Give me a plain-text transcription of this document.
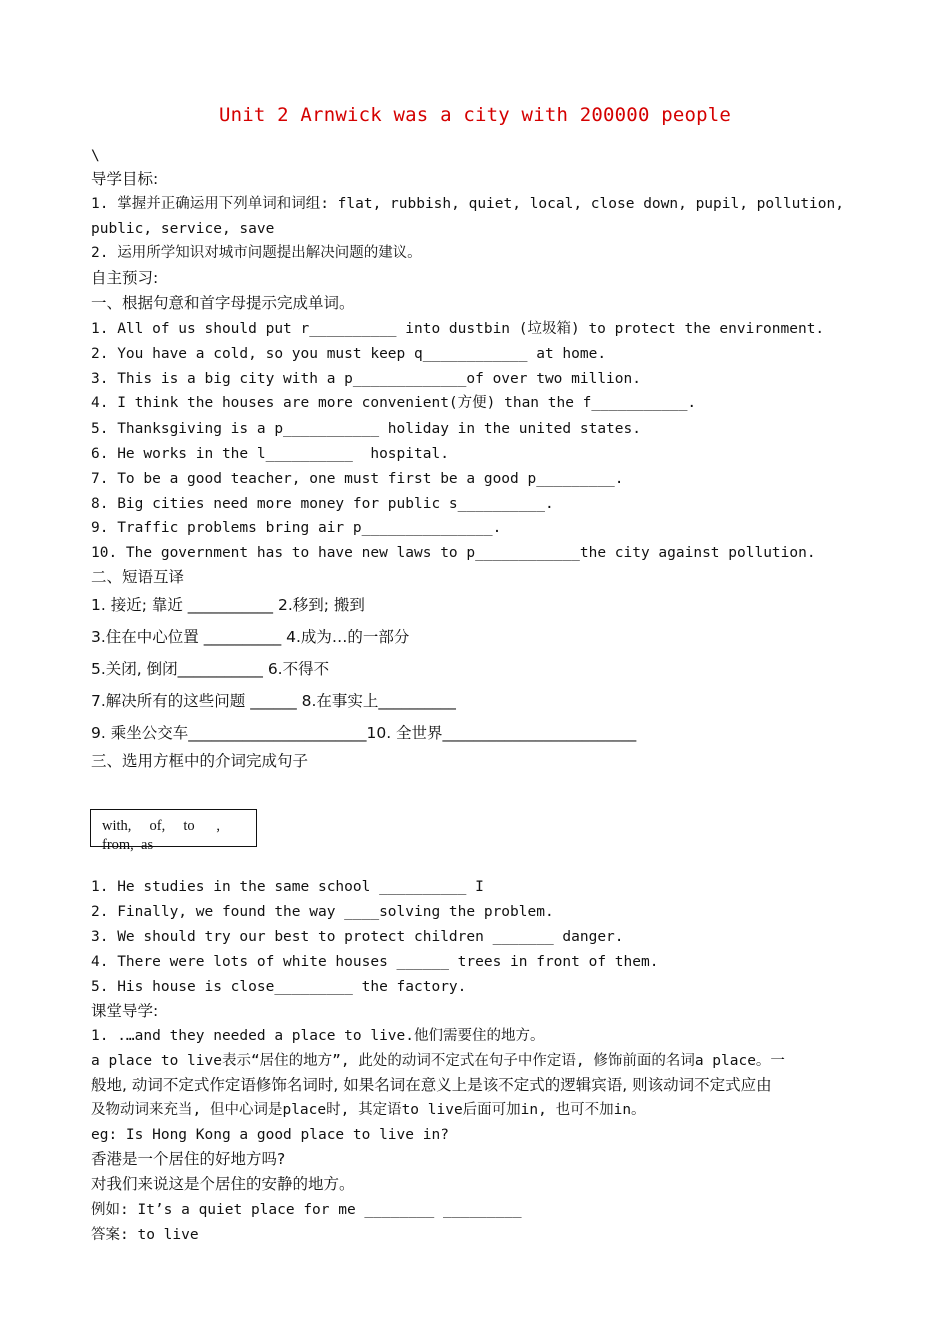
Unit 2 Arnwick was a city with 200000 people
\
导学目标:
1. 掌握并正确运用下列单词和词组: flat, rubbish, quiet, local, close down, pupil, pollution,
public, service, save
2. 运用所学知识对城市问题提出解决问题的建议。
自主预习:
一、根据句意和首字母提示完成单词。
1. All of us should put r__________ into dustbin (垃圾箱) to protect the environment.
2. You have a cold, so you must keep q____________ at home.
3. This is a big city with a p_____________of over two million.
4. I think the houses are more convenient(方便) than the f___________.
5. Thanksgiving is a p___________ holiday in the united states.
6. He works in the l__________  hospital.
7. To be a good teacher, one must first be a good p_________.
8. Big cities need more money for public s__________.
9. Traffic problems bring air p_______________.
10. The government has to have new laws to p____________the city against pollution.
二、短语互译
1. 接近; 靠近 ___________ 2.移到; 搬到
3.住在中心位置 __________ 4.成为…的一部分
5.关闭, 倒闭___________ 6.不得不
7.解决所有的这些问题 ______ 8.在事实上__________
9. 乘坐公交车_______________________10. 全世界_________________________
三、选用方框中的介词完成句子
with,     of,     to      ,
from,  as
1. He studies in the same school __________ I
2. Finally, we found the way ____solving the problem.
3. We should try our best to protect children _______ danger.
4. There were lots of white houses ______ trees in front of them.
5. His house is close_________ the factory.
课堂导学:
1. .…and they needed a place to live.他们需要住的地方。
a place to live表示“居住的地方”, 此处的动词不定式在句子中作定语, 修饰前面的名词a place。一
般地, 动词不定式作定语修饰名词时, 如果名词在意义上是该不定式的逻辑宾语, 则该动词不定式应由
及物动词来充当, 但中心词是place时, 其定语to live后面可加in, 也可不加in。
eg: Is Hong Kong a good place to live in?
香港是一个居住的好地方吗?
对我们来说这是个居住的安静的地方。
例如: It’s a quiet place for me ________ _________
答案: to live
